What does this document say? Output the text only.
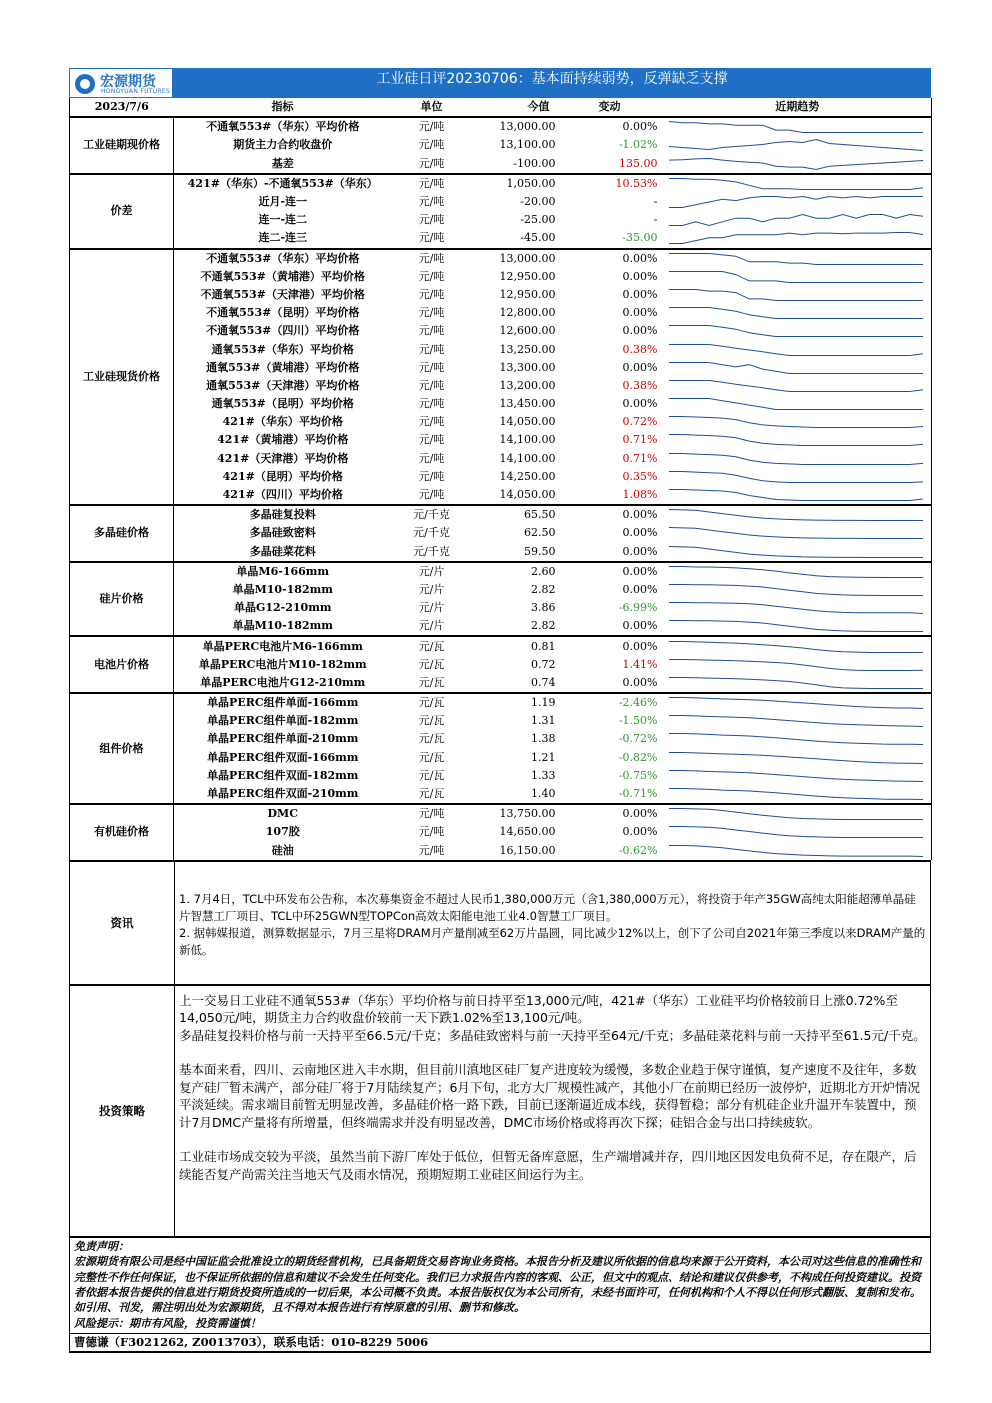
宏源期货
HONGYUAN FUTURES
工业硅日评20230706：基本面持续弱势，反弹缺乏支撑
2023/7/6	指标	单位	今值	变动	近期趋势
工业硅期现价格	不通氧553#（华东）平均价格	元/吨	13,000.00	0.00%	

	期货主力合约收盘价	元/吨	13,100.00	-1.02%	

	基差	元/吨	-100.00	135.00	

价差	421#（华东）-不通氧553#（华东）	元/吨	1,050.00	10.53%	

	近月-连一	元/吨	-20.00	-	

	连一-连二	元/吨	-25.00	-	

	连二-连三	元/吨	-45.00	-35.00	

工业硅现货价格	不通氧553#（华东）平均价格	元/吨	13,000.00	0.00%	

	不通氧553#（黄埔港）平均价格	元/吨	12,950.00	0.00%	

	不通氧553#（天津港）平均价格	元/吨	12,950.00	0.00%	

	不通氧553#（昆明）平均价格	元/吨	12,800.00	0.00%	

	不通氧553#（四川）平均价格	元/吨	12,600.00	0.00%	

	通氧553#（华东）平均价格	元/吨	13,250.00	0.38%	

	通氧553#（黄埔港）平均价格	元/吨	13,300.00	0.00%	

	通氧553#（天津港）平均价格	元/吨	13,200.00	0.38%	

	通氧553#（昆明）平均价格	元/吨	13,450.00	0.00%	

	421#（华东）平均价格	元/吨	14,050.00	0.72%	

	421#（黄埔港）平均价格	元/吨	14,100.00	0.71%	

	421#（天津港）平均价格	元/吨	14,100.00	0.71%	

	421#（昆明）平均价格	元/吨	14,250.00	0.35%	

	421#（四川）平均价格	元/吨	14,050.00	1.08%	

多晶硅价格	多晶硅复投料	元/千克	65.50	0.00%	

	多晶硅致密料	元/千克	62.50	0.00%	

	多晶硅菜花料	元/千克	59.50	0.00%	

硅片价格	单晶M6-166mm	元/片	2.60	0.00%	

	单晶M10-182mm	元/片	2.82	0.00%	

	单晶G12-210mm	元/片	3.86	-6.99%	

	单晶M10-182mm	元/片	2.82	0.00%	

电池片价格	单晶PERC电池片M6-166mm	元/瓦	0.81	0.00%	

	单晶PERC电池片M10-182mm	元/瓦	0.72	1.41%	

	单晶PERC电池片G12-210mm	元/瓦	0.74	0.00%	

组件价格	单晶PERC组件单面-166mm	元/瓦	1.19	-2.46%	

	单晶PERC组件单面-182mm	元/瓦	1.31	-1.50%	

	单晶PERC组件单面-210mm	元/瓦	1.38	-0.72%	

	单晶PERC组件双面-166mm	元/瓦	1.21	-0.82%	

	单晶PERC组件双面-182mm	元/瓦	1.33	-0.75%	

	单晶PERC组件双面-210mm	元/瓦	1.40	-0.71%	

有机硅价格	DMC	元/吨	13,750.00	0.00%	

	107胶	元/吨	14,650.00	0.00%	

	硅油	元/吨	16,150.00	-0.62%	
资讯
1. 7月4日，TCL中环发布公告称，本次募集资金不超过人民币1,380,000万元（含1,380,000万元），将投资于年产35GW高纯太阳能超薄单晶硅片智慧工厂项目、TCL中环25GWN型TOPCon高效太阳能电池工业4.0智慧工厂项目。
2. 据韩媒报道，测算数据显示，7月三星将DRAM月产量削减至62万片晶圆，同比减少12%以上，创下了公司自2021年第三季度以来DRAM产量的新低。
投资策略
上一交易日工业硅不通氧553#（华东）平均价格与前日持平至13,000元/吨，421#（华东）工业硅平均价格较前日上涨0.72%至14,050元/吨，期货主力合约收盘价较前一天下跌1.02%至13,100元/吨。
多晶硅复投料价格与前一天持平至66.5元/千克；多晶硅致密料与前一天持平至64元/千克；多晶硅菜花料与前一天持平至61.5元/千克。
基本面来看，四川、云南地区进入丰水期，但目前川滇地区硅厂复产进度较为缓慢，多数企业趋于保守谨慎，复产速度不及往年，多数复产硅厂暂未满产，部分硅厂将于7月陆续复产；6月下旬，北方大厂规模性减产，其他小厂在前期已经历一波停炉，近期北方开炉情况平淡延续。需求端目前暂无明显改善，多晶硅价格一路下跌，目前已逐渐逼近成本线，获得暂稳；部分有机硅企业升温开车装置中，预计7月DMC产量将有所增量，但终端需求并没有明显改善，DMC市场价格或将再次下探；硅铝合金与出口持续疲软。
工业硅市场成交较为平淡，虽然当前下游厂库处于低位，但暂无备库意愿，生产端增减并存，四川地区因发电负荷不足，存在限产，后续能否复产尚需关注当地天气及雨水情况，预期短期工业硅区间运行为主。
免责声明：
宏源期货有限公司是经中国证监会批准设立的期货经营机构，已具备期货交易咨询业务资格。本报告分析及建议所依据的信息均来源于公开资料，本公司对这些信息的准确性和完整性不作任何保证，也不保证所依据的信息和建议不会发生任何变化。我们已力求报告内容的客观、公正，但文中的观点、结论和建议仅供参考，不构成任何投资建议。投资者依据本报告提供的信息进行期货投资所造成的一切后果，本公司概不负责。本报告版权仅为本公司所有，未经书面许可，任何机构和个人不得以任何形式翻版、复制和发布。如引用、刊发，需注明出处为宏源期货，且不得对本报告进行有悖原意的引用、删节和修改。
风险提示：期市有风险，投资需谨慎！
曹德谦（F3021262, Z0013703），联系电话：010-8229 5006
